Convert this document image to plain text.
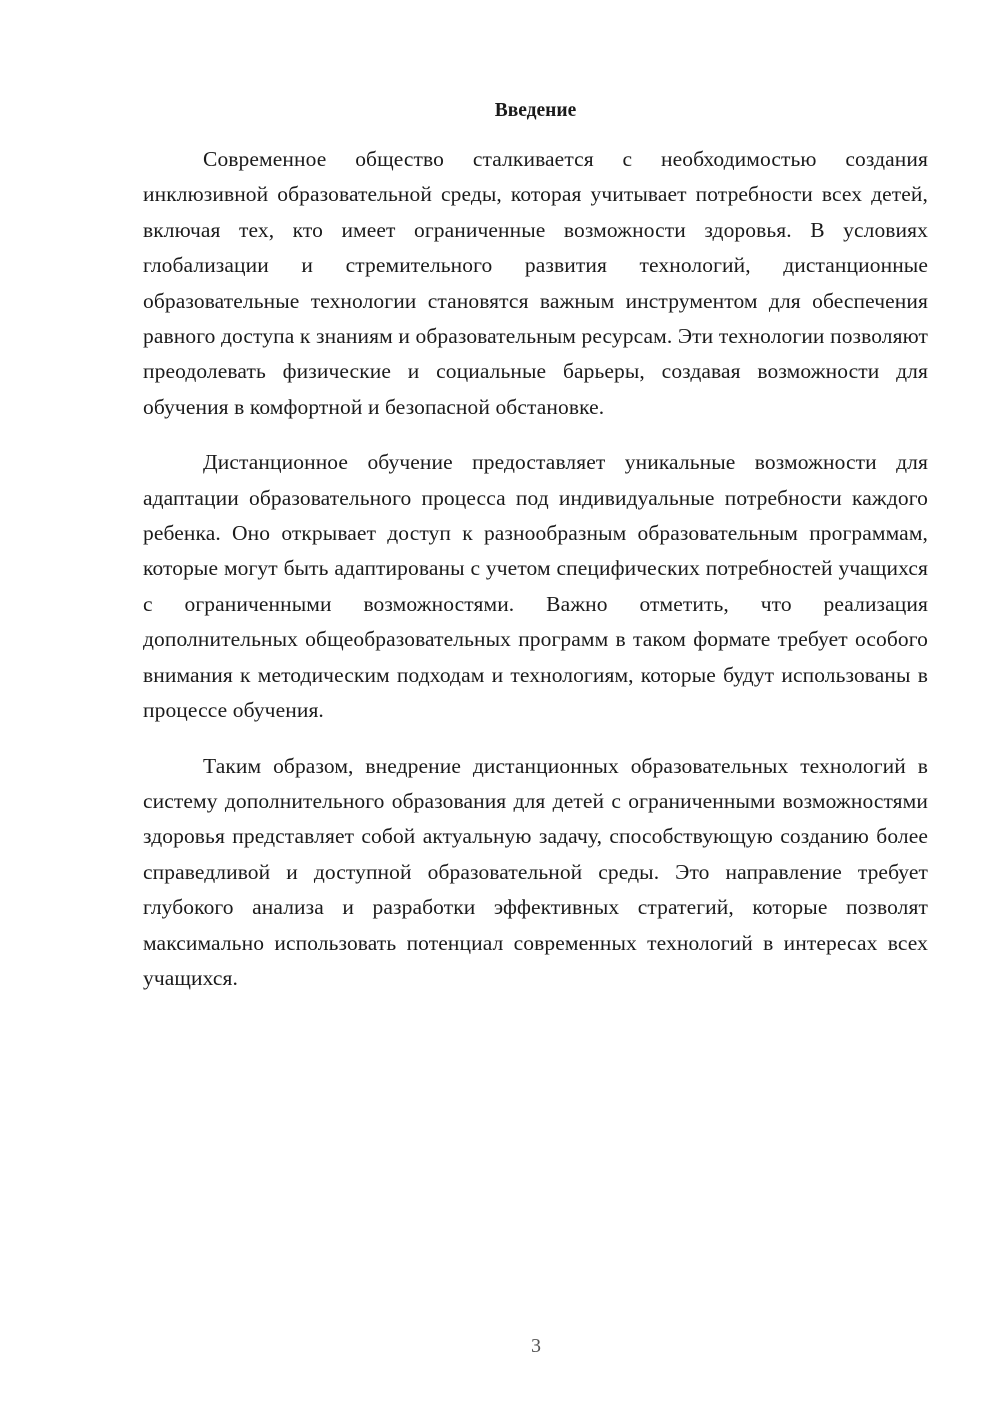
Введение

Современное общество сталкивается с необходимостью создания инклюзивной образовательной среды, которая учитывает потребности всех детей, включая тех, кто имеет ограниченные возможности здоровья. В условиях глобализации и стремительного развития технологий, дистанционные образовательные технологии становятся важным инструментом для обеспечения равного доступа к знаниям и образовательным ресурсам. Эти технологии позволяют преодолевать физические и социальные барьеры, создавая возможности для обучения в комфортной и безопасной обстановке.

Дистанционное обучение предоставляет уникальные возможности для адаптации образовательного процесса под индивидуальные потребности каждого ребенка. Оно открывает доступ к разнообразным образовательным программам, которые могут быть адаптированы с учетом специфических потребностей учащихся с ограниченными возможностями. Важно отметить, что реализация дополнительных общеобразовательных программ в таком формате требует особого внимания к методическим подходам и технологиям, которые будут использованы в процессе обучения.

Таким образом, внедрение дистанционных образовательных технологий в систему дополнительного образования для детей с ограниченными возможностями здоровья представляет собой актуальную задачу, способствующую созданию более справедливой и доступной образовательной среды. Это направление требует глубокого анализа и разработки эффективных стратегий, которые позволят максимально использовать потенциал современных технологий в интересах всех учащихся.

3
